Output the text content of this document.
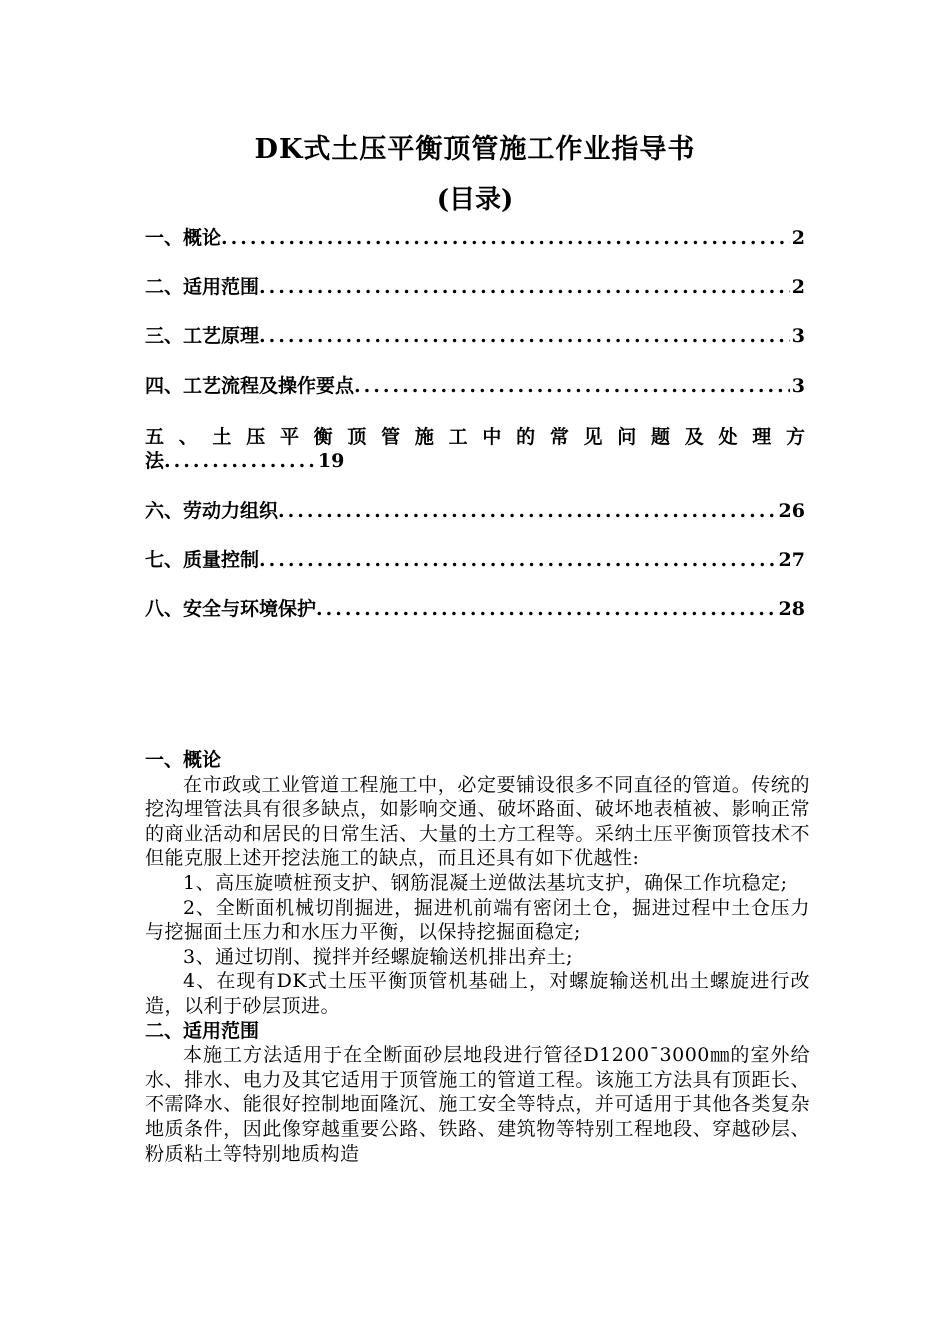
DK式土压平衡顶管施工作业指导书
(目录)
一、概论 .....	2
二、适用范围 .....	2
三、工艺原理 .....	3
四、工艺流程及操作要点 .....	3
五 、 土 压 平 衡 顶 管 施 工 中 的 常 见 问 题 及 处 理 方
法 ................ 19
六、劳动力组织 .....	26
七、质量控制 .....	27
八、安全与环境保护 .....	28

一、概论

在市政或工业管道工程施工中，必定要铺设很多不同直径的管道。传统的挖沟埋管法具有很多缺点，如影响交通、破坏路面、破坏地表植被、影响正常的商业活动和居民的日常生活、大量的土方工程等。采纳土压平衡顶管技术不但能克服上述开挖法施工的缺点，而且还具有如下优越性:

1、高压旋喷桩预支护、钢筋混凝土逆做法基坑支护，确保工作坑稳定;

2、全断面机械切削掘进，掘进机前端有密闭土仓，掘进过程中土仓压力与挖掘面土压力和水压力平衡，以保持挖掘面稳定;

3、通过切削、搅拌并经螺旋输送机排出弃土;

4、在现有DK式土压平衡顶管机基础上，对螺旋输送机出土螺旋进行改造，以利于砂层顶进。

二、适用范围

本施工方法适用于在全断面砂层地段进行管径D1200¯3000㎜的室外给水、排水、电力及其它适用于顶管施工的管道工程。该施工方法具有顶距长、不需降水、能很好控制地面隆沉、施工安全等特点，并可适用于其他各类复杂地质条件，因此像穿越重要公路、铁路、建筑物等特别工程地段、穿越砂层、粉质粘土等特别地质构造
